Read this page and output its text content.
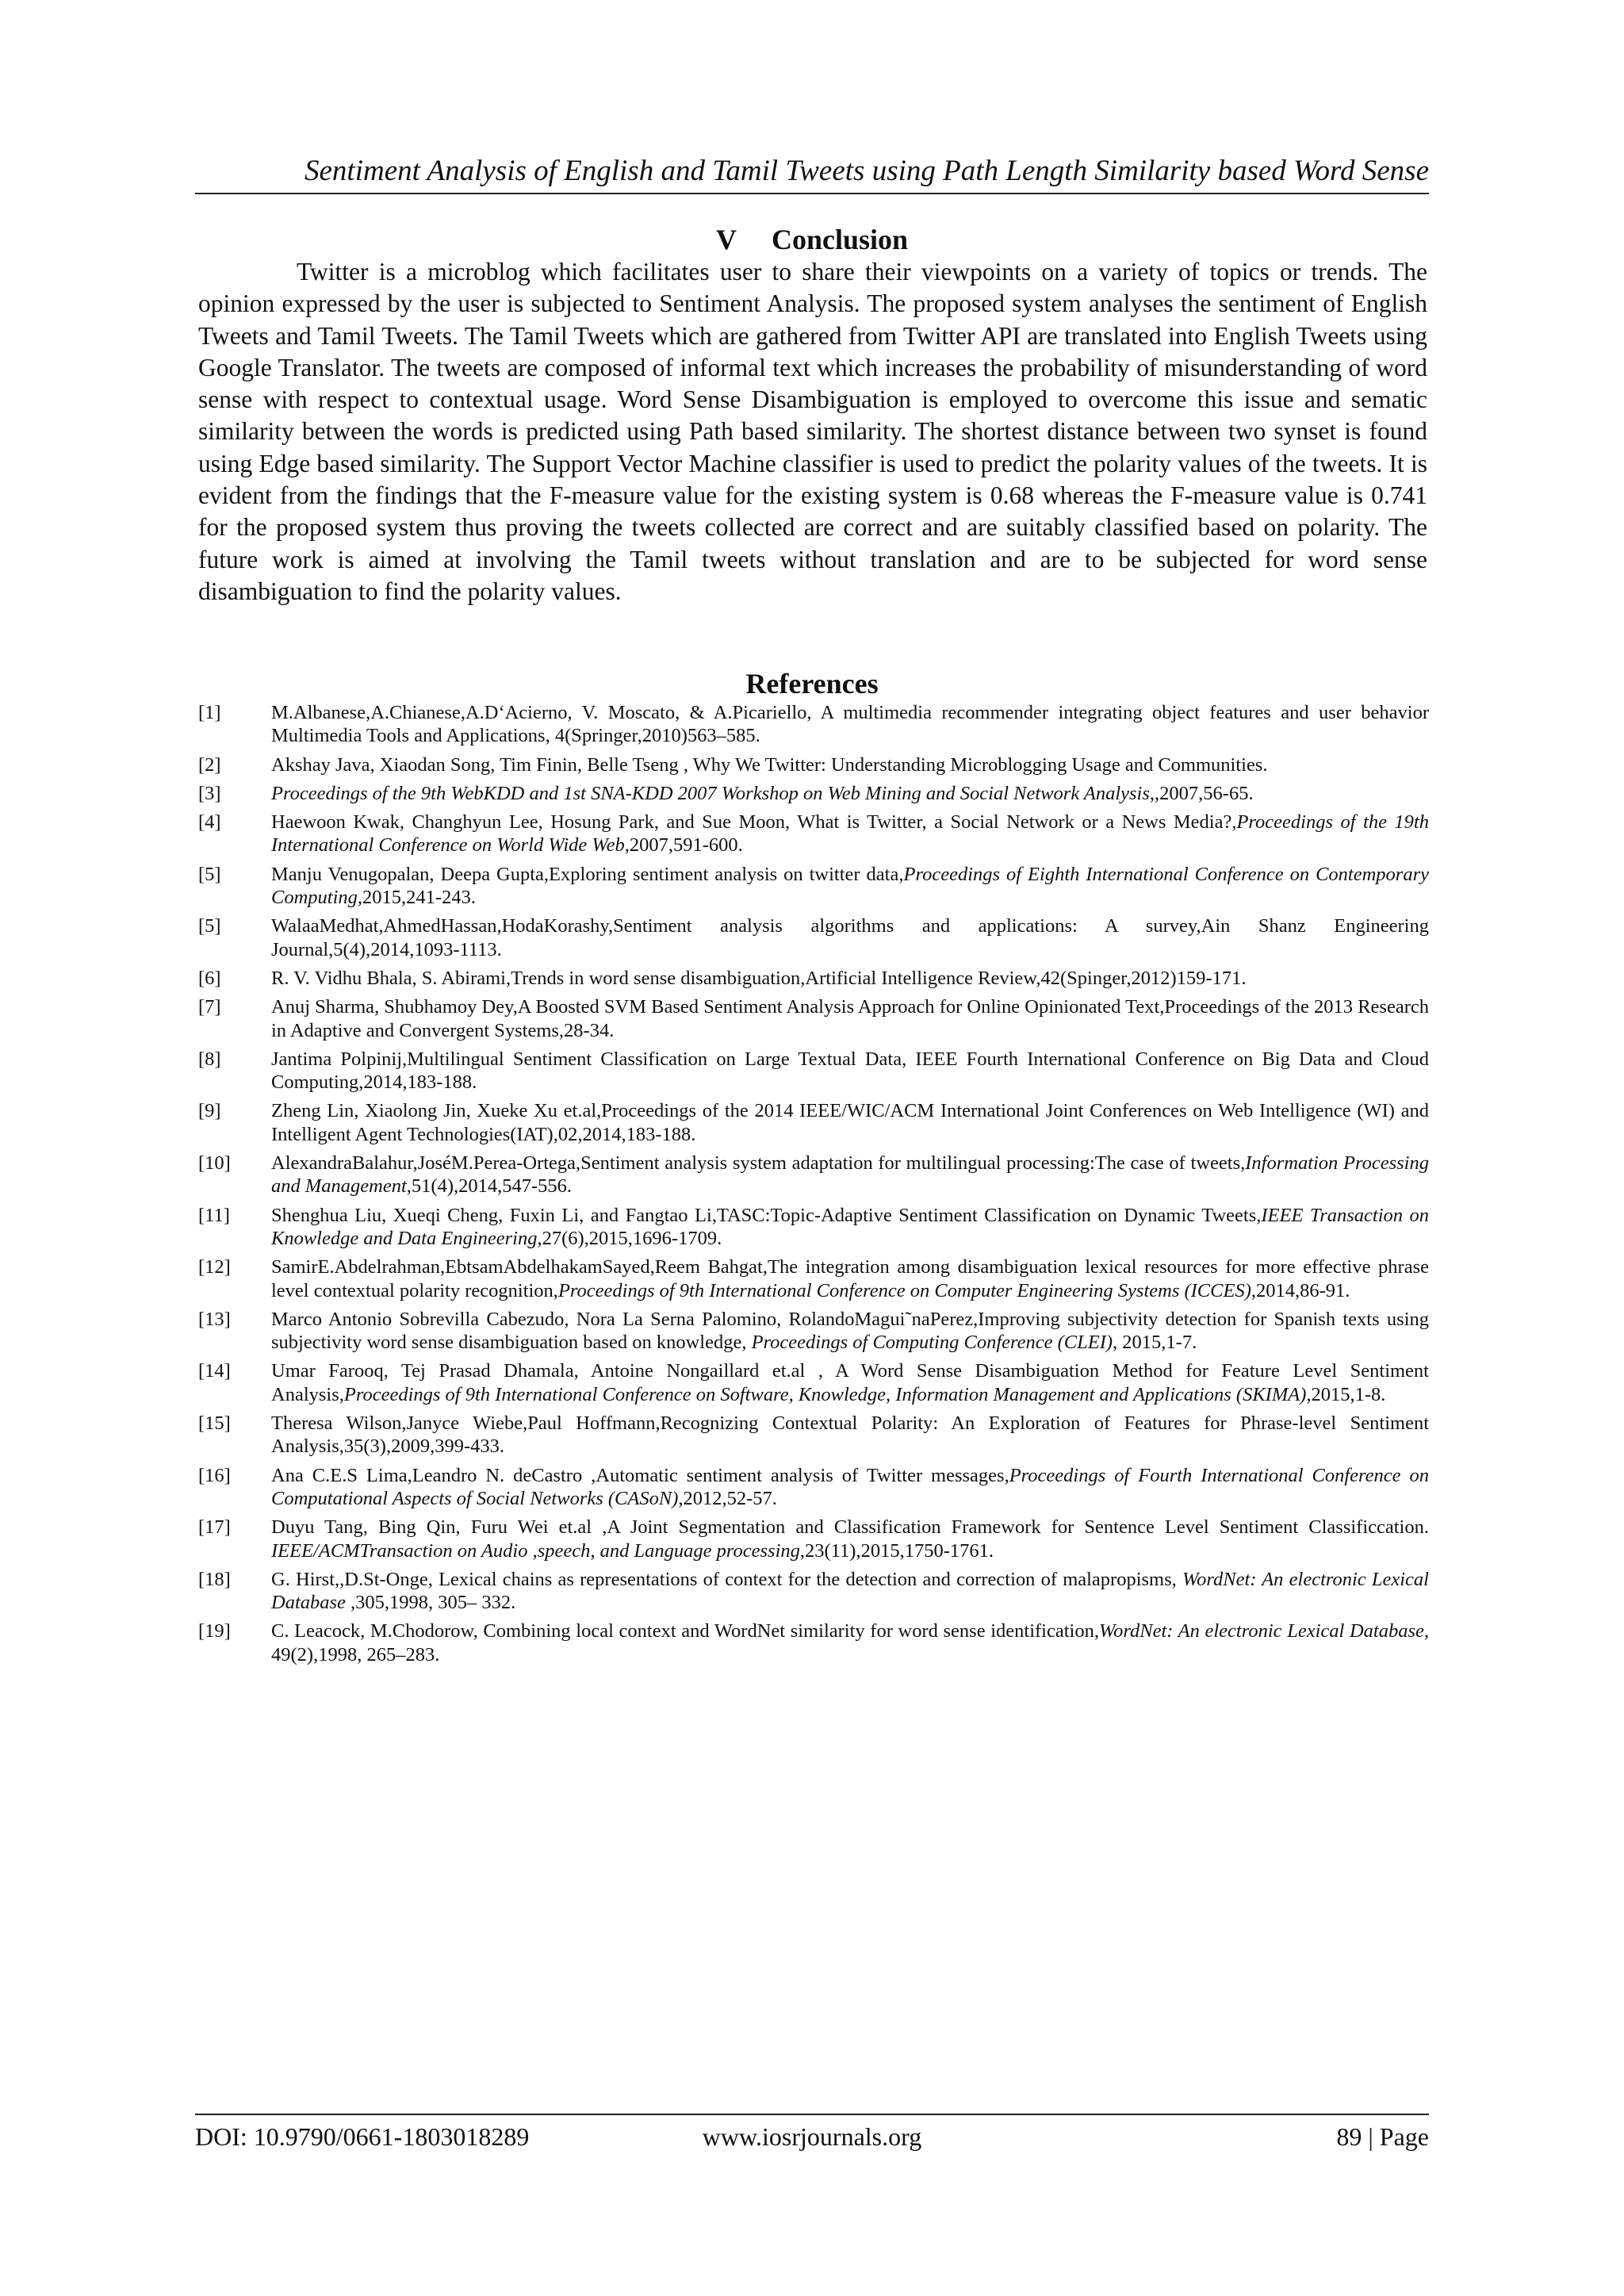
Sentiment Analysis of English and Tamil Tweets using Path Length Similarity based Word Sense
V Conclusion

Twitter is a microblog which facilitates user to share their viewpoints on a variety of topics or trends. The opinion expressed by the user is subjected to Sentiment Analysis. The proposed system analyses the sentiment of English Tweets and Tamil Tweets. The Tamil Tweets which are gathered from Twitter API are translated into English Tweets using Google Translator. The tweets are composed of informal text which increases the probability of misunderstanding of word sense with respect to contextual usage. Word Sense Disambiguation is employed to overcome this issue and sematic similarity between the words is predicted using Path based similarity. The shortest distance between two synset is found using Edge based similarity. The Support Vector Machine classifier is used to predict the polarity values of the tweets. It is evident from the findings that the F-measure value for the existing system is 0.68 whereas the F-measure value is 0.741 for the proposed system thus proving the tweets collected are correct and are suitably classified based on polarity. The future work is aimed at involving the Tamil tweets without translation and are to be subjected for word sense disambiguation to find the polarity values.

References
[1]	M.Albanese,A.Chianese,A.D‘Acierno, V. Moscato, & A.Picariello, A multimedia recommender integrating object features and user behavior Multimedia Tools and Applications, 4(Springer,2010)563–585.
[2]	Akshay Java, Xiaodan Song, Tim Finin, Belle Tseng , Why We Twitter: Understanding Microblogging Usage and Communities.
[3]	Proceedings of the 9th WebKDD and 1st SNA-KDD 2007 Workshop on Web Mining and Social Network Analysis,,2007,56-65.
[4]	Haewoon Kwak, Changhyun Lee, Hosung Park, and Sue Moon, What is Twitter, a Social Network or a News Media?,Proceedings of the 19th International Conference on World Wide Web,2007,591-600.
[5]	Manju Venugopalan, Deepa Gupta,Exploring sentiment analysis on twitter data,Proceedings of Eighth International Conference on Contemporary Computing,2015,241-243.
[5]	WalaaMedhat,AhmedHassan,HodaKorashy,Sentiment analysis algorithms and applications: A survey,Ain Shanz Engineering Journal,5(4),2014,1093-1113.
[6]	R. V. Vidhu Bhala, S. Abirami,Trends in word sense disambiguation,Artificial Intelligence Review,42(Spinger,2012)159-171.
[7]	Anuj Sharma, Shubhamoy Dey,A Boosted SVM Based Sentiment Analysis Approach for Online Opinionated Text,Proceedings of the 2013 Research in Adaptive and Convergent Systems,28-34.
[8]	Jantima Polpinij,Multilingual Sentiment Classification on Large Textual Data, IEEE Fourth International Conference on Big Data and Cloud Computing,2014,183-188.
[9]	Zheng Lin, Xiaolong Jin, Xueke Xu et.al,Proceedings of the 2014 IEEE/WIC/ACM International Joint Conferences on Web Intelligence (WI) and Intelligent Agent Technologies(IAT),02,2014,183-188.
[10] AlexandraBalahur,JoséM.Perea-Ortega,Sentiment analysis system adaptation for multilingual processing:The case of tweets,Information Processing and Management,51(4),2014,547-556.
[11] Shenghua Liu, Xueqi Cheng, Fuxin Li, and Fangtao Li,TASC:Topic-Adaptive Sentiment Classification on Dynamic Tweets,IEEE Transaction on Knowledge and Data Engineering,27(6),2015,1696-1709.
[12] SamirE.Abdelrahman,EbtsamAbdelhakamSayed,Reem Bahgat,The integration among disambiguation lexical resources for more effective phrase level contextual polarity recognition,Proceedings of 9th International Conference on Computer Engineering Systems (ICCES),2014,86-91.
[13] Marco Antonio Sobrevilla Cabezudo, Nora La Serna Palomino, RolandoMagui˜naPerez,Improving subjectivity detection for Spanish texts using subjectivity word sense disambiguation based on knowledge, Proceedings of Computing Conference (CLEI), 2015,1-7.
[14] Umar Farooq, Tej Prasad Dhamala, Antoine Nongaillard et.al , A Word Sense Disambiguation Method for Feature Level Sentiment Analysis,Proceedings of 9th International Conference on Software, Knowledge, Information Management and Applications (SKIMA),2015,1-8.
[15] Theresa Wilson,Janyce Wiebe,Paul Hoffmann,Recognizing Contextual Polarity: An Exploration of Features for Phrase-level Sentiment Analysis,35(3),2009,399-433.
[16] Ana C.E.S Lima,Leandro N. deCastro ,Automatic sentiment analysis of Twitter messages,Proceedings of Fourth International Conference on Computational Aspects of Social Networks (CASoN),2012,52-57.
[17] Duyu Tang, Bing Qin, Furu Wei et.al ,A Joint Segmentation and Classification Framework for Sentence Level Sentiment Classificcation. IEEE/ACMTransaction on Audio ,speech, and Language processing,23(11),2015,1750-1761.
[18] G. Hirst,,D.St-Onge, Lexical chains as representations of context for the detection and correction of malapropisms, WordNet: An electronic Lexical Database ,305,1998, 305– 332.
[19] C. Leacock, M.Chodorow, Combining local context and WordNet similarity for word sense identification,WordNet: An electronic Lexical Database, 49(2),1998, 265–283.
DOI: 10.9790/0661-1803018289	www.iosrjournals.org	89 | Page
